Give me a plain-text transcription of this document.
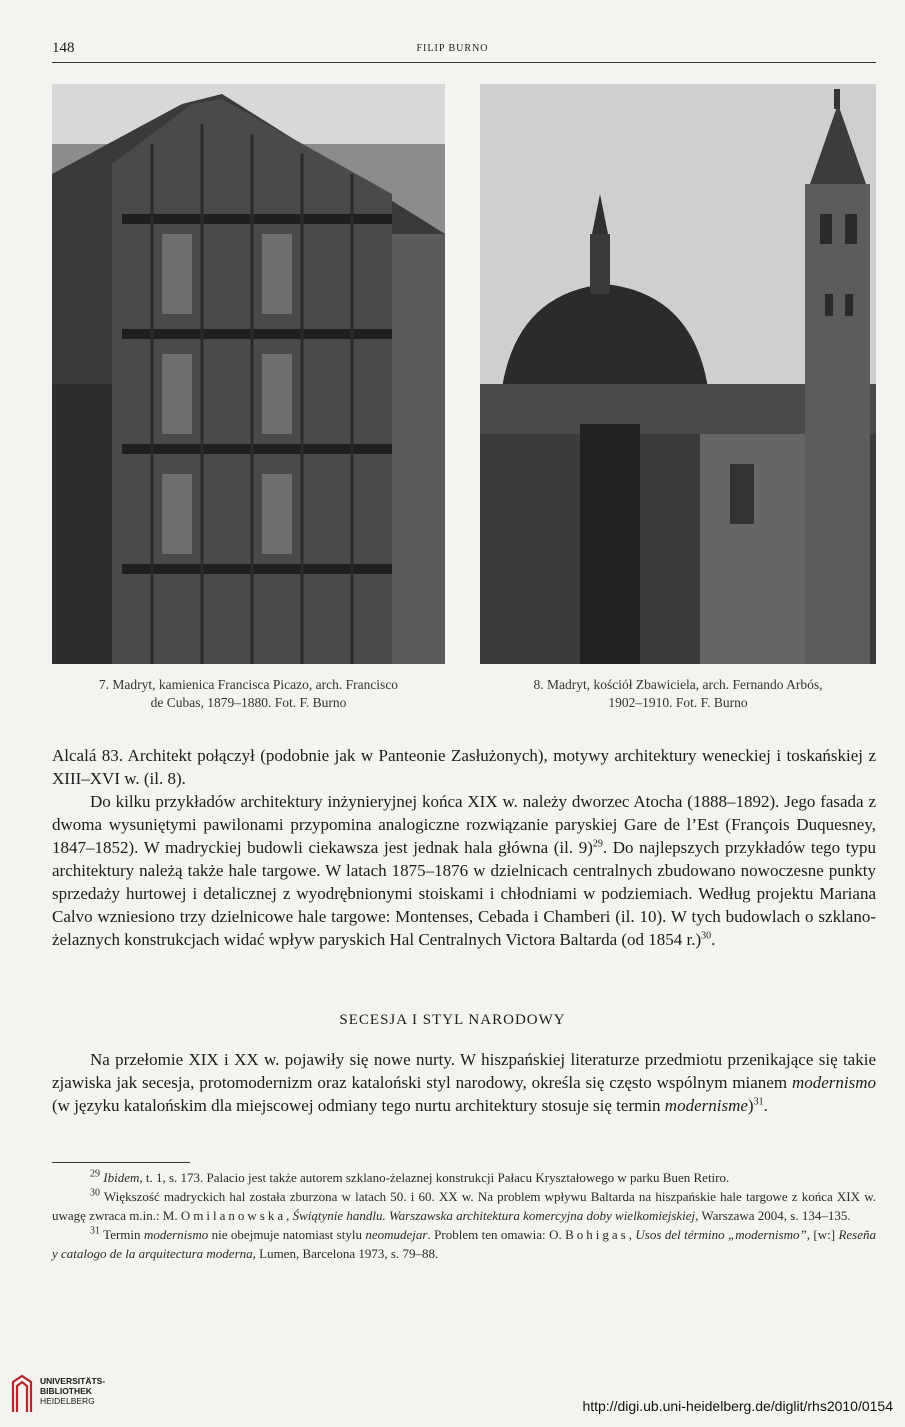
148	FILIP BURNO
7. Madryt, kamienica Francisca Picazo, arch. Francisco
de Cubas, 1879–1880. Fot. F. Burno
8. Madryt, kościół Zbawiciela, arch. Fernando Arbós,
1902–1910. Fot. F. Burno

Alcalá 83. Architekt połączył (podobnie jak w Panteonie Zasłużonych), motywy architektury weneckiej i toskańskiej z XIII–XVI w. (il. 8).

Do kilku przykładów architektury inżynieryjnej końca XIX w. należy dworzec Atocha (1888–1892). Jego fasada z dwoma wysuniętymi pawilonami przypomina analogiczne rozwiązanie paryskiej Gare de l’Est (François Duquesney, 1847–1852). W madryckiej budowli ciekawsza jest jednak hala główna (il. 9)$^{29}$. Do najlepszych przykładów tego typu architektury należą także hale targowe. W latach 1875–1876 w dzielnicach centralnych zbudowano nowoczesne punkty sprzedaży hurtowej i detalicznej z wyodrębnionymi stoiskami i chłodniami w podziemiach. Według projektu Mariana Calvo wzniesiono trzy dzielnicowe hale targowe: Montenses, Cebada i Chamberi (il. 10). W tych budowlach o szklano-żelaznych konstrukcjach widać wpływ paryskich Hal Centralnych Victora Baltarda (od 1854 r.)$^{30}$.

SECESJA I STYL NARODOWY

Na przełomie XIX i XX w. pojawiły się nowe nurty. W hiszpańskiej literaturze przedmiotu przenikające się takie zjawiska jak secesja, protomodernizm oraz kataloński styl narodowy, określa się często wspólnym mianem modernismo (w języku katalońskim dla miejscowej odmiany tego nurtu architektury stosuje się termin modernisme)$^{31}$.

$^{29}$ Ibidem, t. 1, s. 173. Palacio jest także autorem szklano-żelaznej konstrukcji Pałacu Kryształowego w parku Buen Retiro.

$^{30}$ Większość madryckich hal została zburzona w latach 50. i 60. XX w. Na problem wpływu Baltarda na hiszpańskie hale targowe z końca XIX w. uwagę zwraca m.in.: M. Omilanowska, Świątynie handlu. Warszawska architektura komercyjna doby wielkomiejskiej, Warszawa 2004, s. 134–135.

$^{31}$ Termin modernismo nie obejmuje natomiast stylu neomudejar. Problem ten omawia: O. Bohigas, Usos del término „modernismo”, [w:] Reseña y catalogo de la arquitectura moderna, Lumen, Barcelona 1973, s. 79–88.

UNIVERSITÄTS-
BIBLIOTHEK
HEIDELBERG	http://digi.ub.uni-heidelberg.de/diglit/rhs2010/0154
